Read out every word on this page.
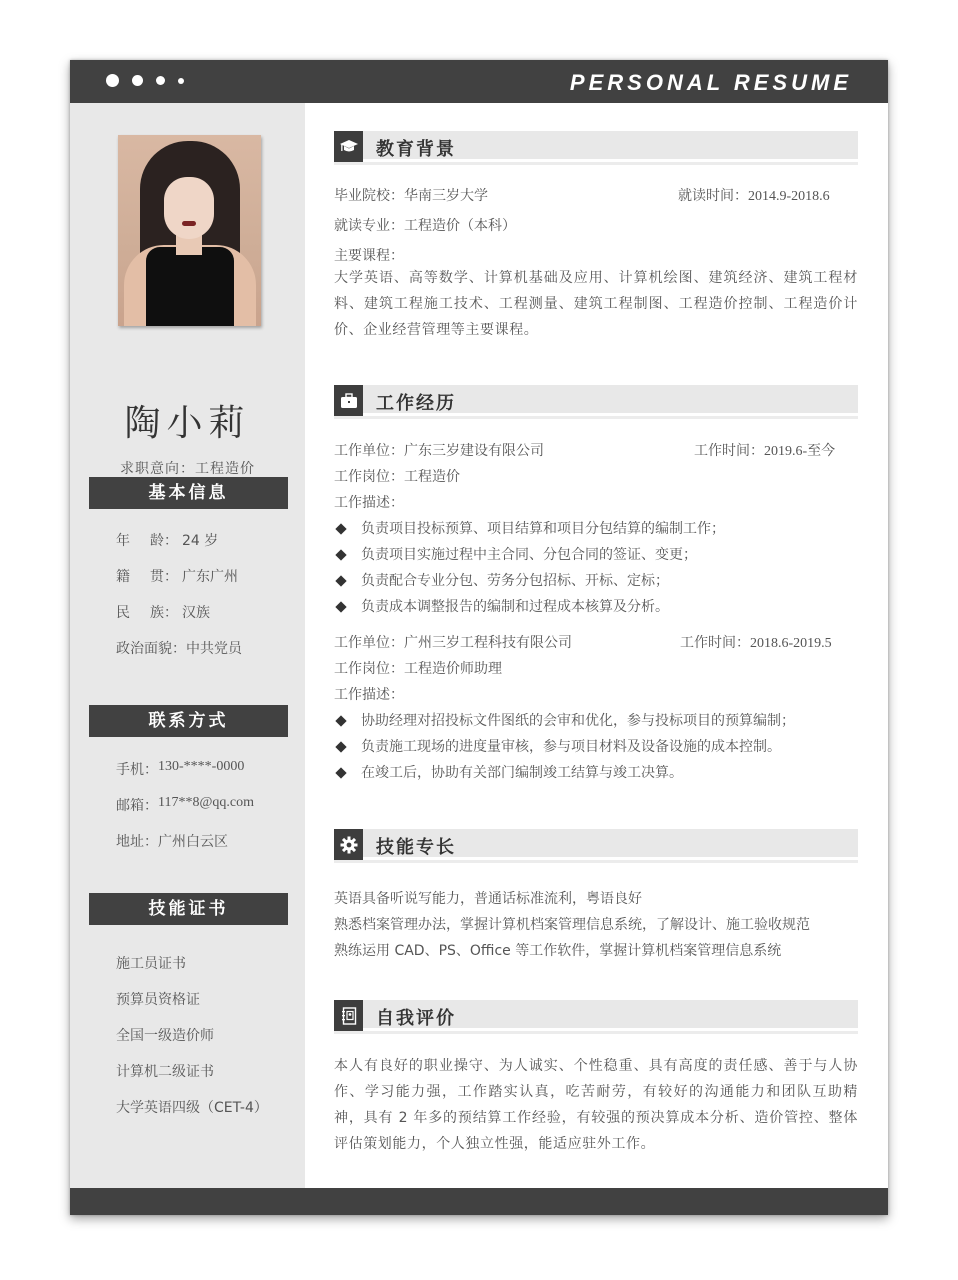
PERSONAL RESUME
陶小莉
求职意向：工程造价
基本信息
年 龄： 24 岁
籍 贯： 广东广州
民 族： 汉族
政治面貌 ： 中共党员
联系方式
手机： 130-****-0000
邮箱： 117**8@qq.com
地址： 广州白云区
技能证书
施工员证书
预算员资格证
全国一级造价师
计算机二级证书
大学英语四级（CET-4）
教育背景
毕业院校：华南三岁大学	就读时间：2014.9-2018.6
就读专业：工程造价（本科）
主要课程：
大学英语、高等数学、计算机基础及应用、计算机绘图、建筑经济、建筑工程材料、建筑工程施工技术、工程测量、建筑工程制图、工程造价控制、工程造价计价、企业经营管理等主要课程。
工作经历
工作单位：广东三岁建设有限公司	工作时间：2019.6-至今
工作岗位：工程造价
工作描述：
负责项目投标预算、项目结算和项目分包结算的编制工作；
负责项目实施过程中主合同、分包合同的签证、变更；
负责配合专业分包、劳务分包招标、开标、定标；
负责成本调整报告的编制和过程成本核算及分析。
工作单位：广州三岁工程科技有限公司	工作时间：2018.6-2019.5
工作岗位：工程造价师助理
工作描述：
协助经理对招投标文件图纸的会审和优化，参与投标项目的预算编制；
负责施工现场的进度量审核，参与项目材料及设备设施的成本控制。
在竣工后，协助有关部门编制竣工结算与竣工决算。
技能专长
英语具备听说写能力，普通话标准流利，粤语良好
熟悉档案管理办法，掌握计算机档案管理信息系统，了解设计、施工验收规范
熟练运用 CAD、PS、Office 等工作软件，掌握计算机档案管理信息系统
自我评价
本人有良好的职业操守、为人诚实、个性稳重、具有高度的责任感、善于与人协作、学习能力强，工作踏实认真，吃苦耐劳，有较好的沟通能力和团队互助精神，具有 2 年多的预结算工作经验，有较强的预决算成本分析、造价管控、整体评估策划能力，个人独立性强，能适应驻外工作。
